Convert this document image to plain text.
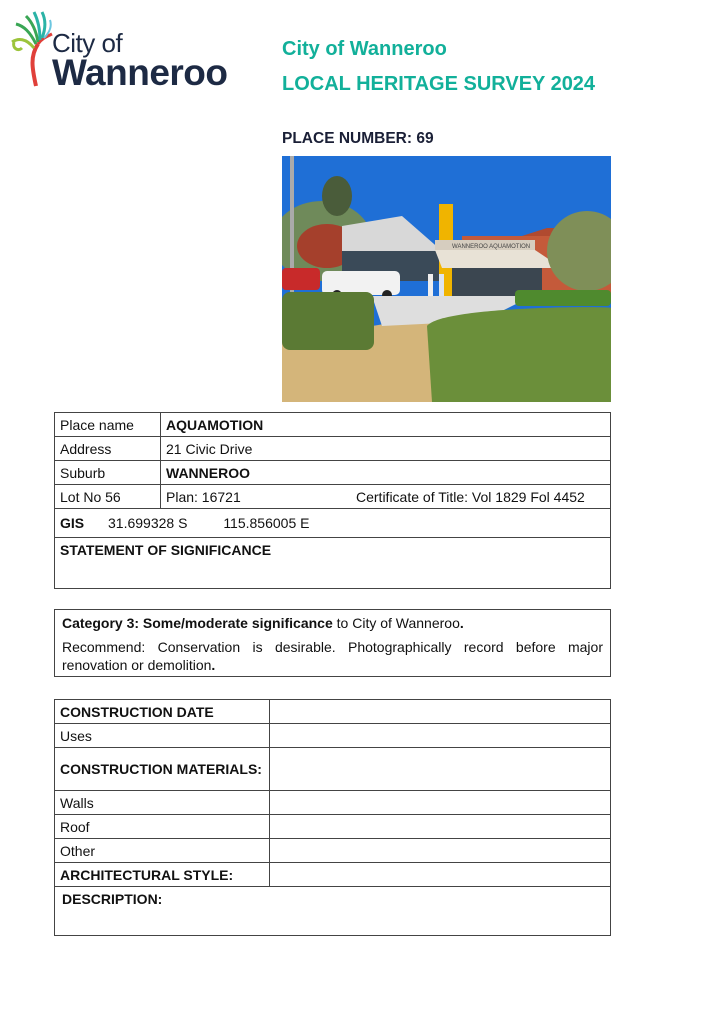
City of
Wanneroo
City of Wanneroo
LOCAL HERITAGE SURVEY 2024
PLACE NUMBER: 69
WANNEROO AQUAMOTION
Place name	AQUAMOTION	
Address	21 Civic Drive	
Suburb	WANNEROO	
Lot No 56	Plan: 16721	Certificate of Title: Vol 1829 Fol 4452
GIS 31.699328 S 115.856005 E		
STATEMENT OF SIGNIFICANCE		
Category 3: Some/moderate significance to City of Wanneroo.
Recommend: Conservation is desirable. Photographically record before major
renovation or demolition.
CONSTRUCTION DATE	
Uses	
CONSTRUCTION MATERIALS:	
Walls	
Roof	
Other	
ARCHITECTURAL STYLE:	
DESCRIPTION:	
